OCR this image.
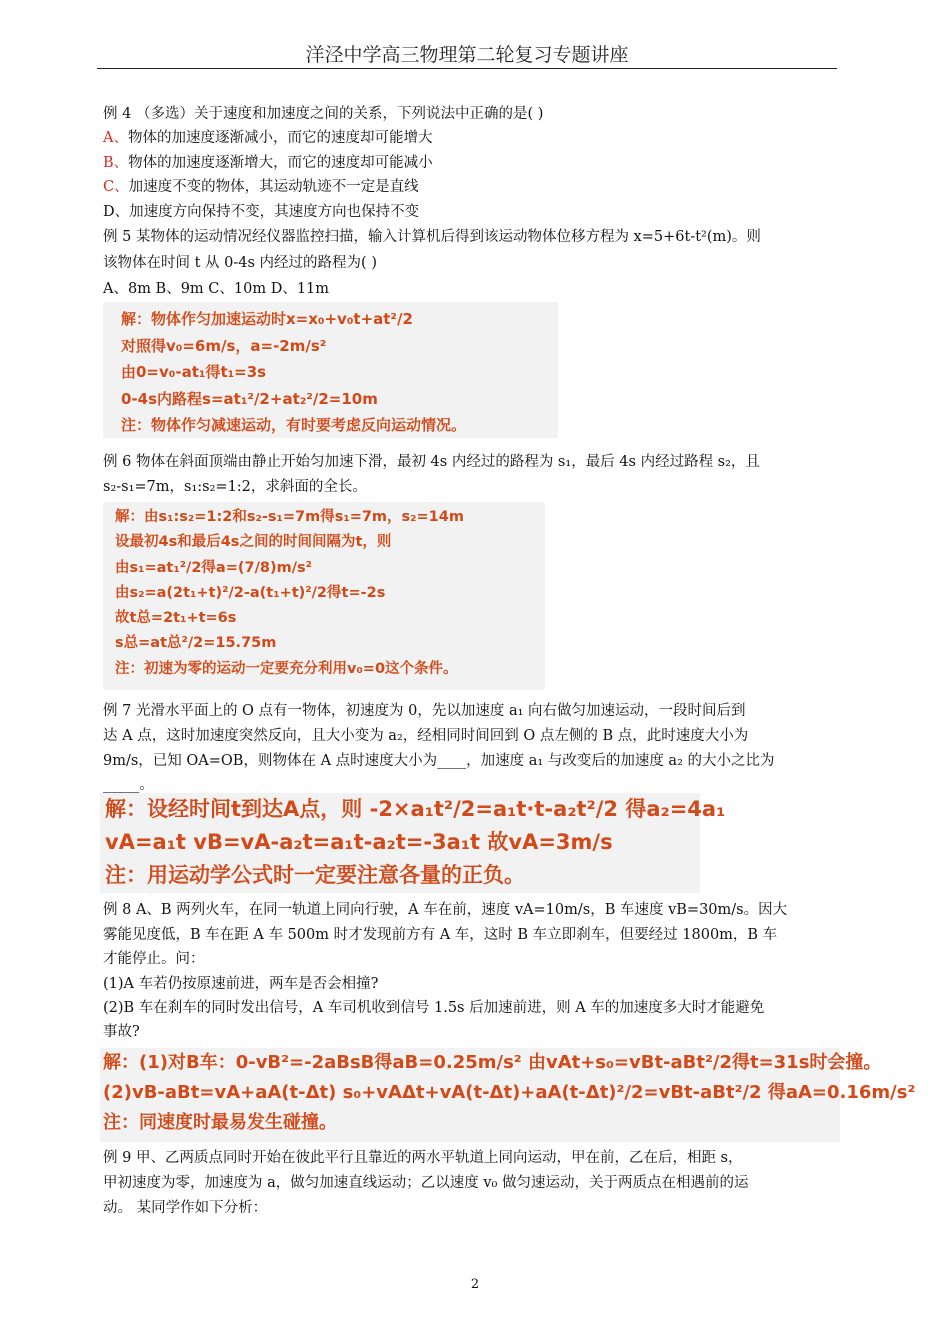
洋泾中学高三物理第二轮复习专题讲座
例 4 （多选）关于速度和加速度之间的关系，下列说法中正确的是( )
A、物体的加速度逐渐减小，而它的速度却可能增大
B、物体的加速度逐渐增大，而它的速度却可能减小
C、加速度不变的物体，其运动轨迹不一定是直线
D、加速度方向保持不变，其速度方向也保持不变
例 5 某物体的运动情况经仪器监控扫描，输入计算机后得到该运动物体位移方程为 x=5+6t-t²(m)。则
该物体在时间 t 从 0-4s 内经过的路程为( )
A、8m B、9m C、10m D、11m
解：物体作匀加速运动时x=x₀+v₀t+at²/2
对照得v₀=6m/s，a=-2m/s²
由0=v₀-at₁得t₁=3s
0-4s内路程s=at₁²/2+at₂²/2=10m
注：物体作匀减速运动，有时要考虑反向运动情况。
例 6 物体在斜面顶端由静止开始匀加速下滑，最初 4s 内经过的路程为 s₁，最后 4s 内经过路程 s₂，且
s₂-s₁=7m，s₁:s₂=1:2，求斜面的全长。
解：由s₁:s₂=1:2和s₂-s₁=7m得s₁=7m，s₂=14m
设最初4s和最后4s之间的时间间隔为t，则
由s₁=at₁²/2得a=(7/8)m/s²
由s₂=a(2t₁+t)²/2-a(t₁+t)²/2得t=-2s
故t总=2t₁+t=6s
s总=at总²/2=15.75m
注：初速为零的运动一定要充分利用v₀=0这个条件。
例 7 光滑水平面上的 O 点有一物体，初速度为 0，先以加速度 a₁ 向右做匀加速运动，一段时间后到
达 A 点，这时加速度突然反向，且大小变为 a₂，经相同时间回到 O 点左侧的 B 点，此时速度大小为
9m/s，已知 OA=OB，则物体在 A 点时速度大小为____，加速度 a₁ 与改变后的加速度 a₂ 的大小之比为
_____。
解：设经时间t到达A点，则 -2×a₁t²/2=a₁t·t-a₂t²/2 得a₂=4a₁
vA=a₁t vB=vA-a₂t=a₁t-a₂t=-3a₁t 故vA=3m/s
注：用运动学公式时一定要注意各量的正负。
例 8 A、B 两列火车，在同一轨道上同向行驶，A 车在前，速度 vA=10m/s，B 车速度 vB=30m/s。因大
雾能见度低，B 车在距 A 车 500m 时才发现前方有 A 车，这时 B 车立即刹车，但要经过 1800m，B 车
才能停止。问：
(1)A 车若仍按原速前进，两车是否会相撞?
(2)B 车在刹车的同时发出信号，A 车司机收到信号 1.5s 后加速前进，则 A 车的加速度多大时才能避免
事故?
解：(1)对B车：0-vB²=-2aBsB得aB=0.25m/s² 由vAt+s₀=vBt-aBt²/2得t=31s时会撞。
(2)vB-aBt=vA+aA(t-Δt) s₀+vAΔt+vA(t-Δt)+aA(t-Δt)²/2=vBt-aBt²/2 得aA=0.16m/s²
注：同速度时最易发生碰撞。
例 9 甲、乙两质点同时开始在彼此平行且靠近的两水平轨道上同向运动，甲在前，乙在后，相距 s，
甲初速度为零，加速度为 a，做匀加速直线运动；乙以速度 v₀ 做匀速运动，关于两质点在相遇前的运
动。 某同学作如下分析：
2
